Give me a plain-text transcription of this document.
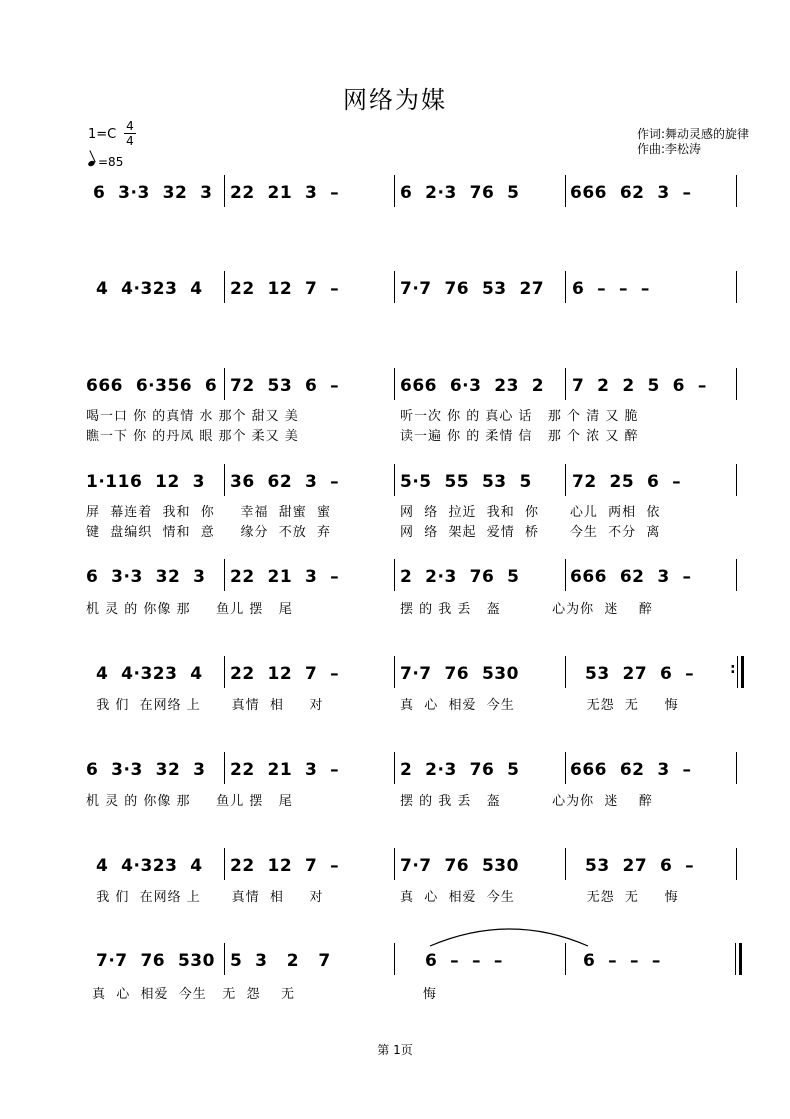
网络为媒
1=C
4
4
=85
作词:舞动灵感的旋律
作曲:李松涛
6  3·3  32  3 22  21  3  –	6  2·3  76  5	666  62  3  –
4  4·323  4 22  12  7  –	7·7  76  53  27 6  –  –  –
666  6·356  6 72  53  6  –	666  6·3  23  2 7  2  2  5  6  –
喝一口 你 的真情 水 那个 甜又 美	听一次 你 的 真心 话   那 个 清 又 脆
瞧一下 你 的丹凤 眼 那个 柔又 美	读一遍 你 的 柔情 信   那 个 浓 又 醉
1·116  12  3 36  62  3  –	5·5  55  53  5 72  25  6  –
屏  幕连着  我和  你     幸福  甜蜜  蜜	网  络  拉近  我和  你      心儿  两相  依
键  盘编织  情和  意     缘分  不放  弃	网  络  架起  爱情  桥      今生  不分  离
6  3·3  32  3 22  21  3  –	2  2·3  76  5	666  62  3  –
机 灵 的 你像 那     鱼儿 摆   尾	摆 的 我 丢   盔          心为你  迷    醉
4  4·323  4 22  12  7  –	7·7  76  530	53  27  6  –	:
我 们  在网络 上      真情  相     对	真  心  相爱  今生              无怨  无     悔
6  3·3  32  3 22  21  3  –	2  2·3  76  5	666  62  3  –
机 灵 的 你像 那     鱼儿 摆   尾	摆 的 我 丢   盔          心为你  迷    醉
4  4·323  4 22  12  7  –	7·7  76  530	53  27  6  –
我 们  在网络 上      真情  相     对	真  心  相爱  今生              无怨  无     悔
7·7  76  530 5  3   2   7	6  –  –  –	6  –  –  –
真  心  相爱  今生   无  怨    无	悔
第 1页
